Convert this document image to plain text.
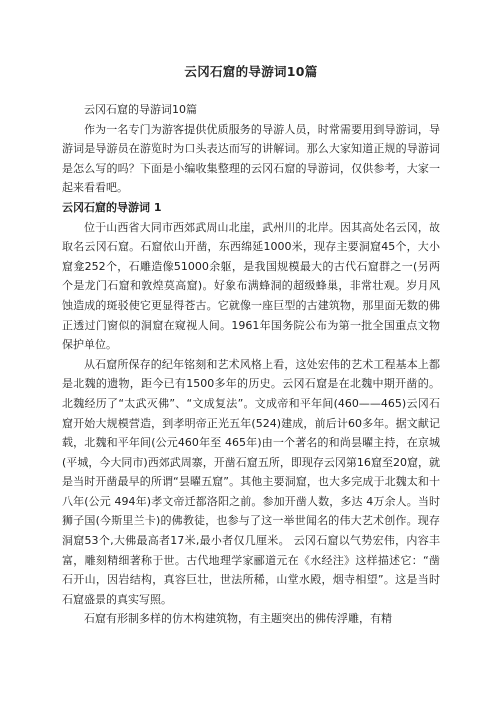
云冈石窟的导游词10篇

云冈石窟的导游词10篇

作为一名专门为游客提供优质服务的导游人员，时常需要用到导游词，导游词是导游员在游览时为口头表达而写的讲解词。那么大家知道正规的导游词是怎么写的吗？下面是小编收集整理的云冈石窟的导游词，仅供参考，大家一起来看看吧。

云冈石窟的导游词 1

位于山西省大同市西郊武周山北崖，武州川的北岸。因其高处名云冈，故取名云冈石窟。石窟依山开凿，东西绵延1000米，现存主要洞窟45个，大小窟龛252个，石雕造像51000余躯，是我国规模最大的古代石窟群之一(另两个是龙门石窟和敦煌莫高窟)。好象布满蜂洞的超级蜂巢，非常壮观。岁月风蚀造成的斑驳使它更显得苍古。它就像一座巨型的古建筑物，那里面无数的佛正透过门窗似的洞窟在窥视人间。1961年国务院公布为第一批全国重点文物保护单位。

从石窟所保存的纪年铭刻和艺术风格上看，这处宏伟的艺术工程基本上都是北魏的遗物，距今已有1500多年的历史。云冈石窟是在北魏中期开凿的。北魏经历了“太武灭佛”、“文成复法”。文成帝和平年间(460——465)云冈石窟开始大规模营造，到孝明帝正光五年(524)建成，前后计60多年。据文献记载，北魏和平年间(公元460年至 465年)由一个著名的和尚昙曜主持，在京城(平城，今大同市)西郊武周寨，开凿石窟五所，即现存云冈第16窟至20窟，就是当时开凿最早的所谓“昙曜五窟”。其他主要洞窟，也大多完成于北魏太和十八年(公元 494年)孝文帝迁都洛阳之前。参加开凿人数，多达 4万余人。当时狮子国(今斯里兰卡)的佛教徒，也参与了这一举世闻名的伟大艺术创作。现存洞窟53个,大佛最高者17米,最小者仅几厘米。 云冈石窟以气势宏伟，内容丰富，雕刻精细著称于世。古代地理学家郦道元在《水经注》这样描述它：“凿石开山，因岩结构，真容巨壮，世法所稀，山堂水殿，烟寺相望”。这是当时石窟盛景的真实写照。

石窟有形制多样的仿木构建筑物，有主题突出的佛传浮雕，有精
